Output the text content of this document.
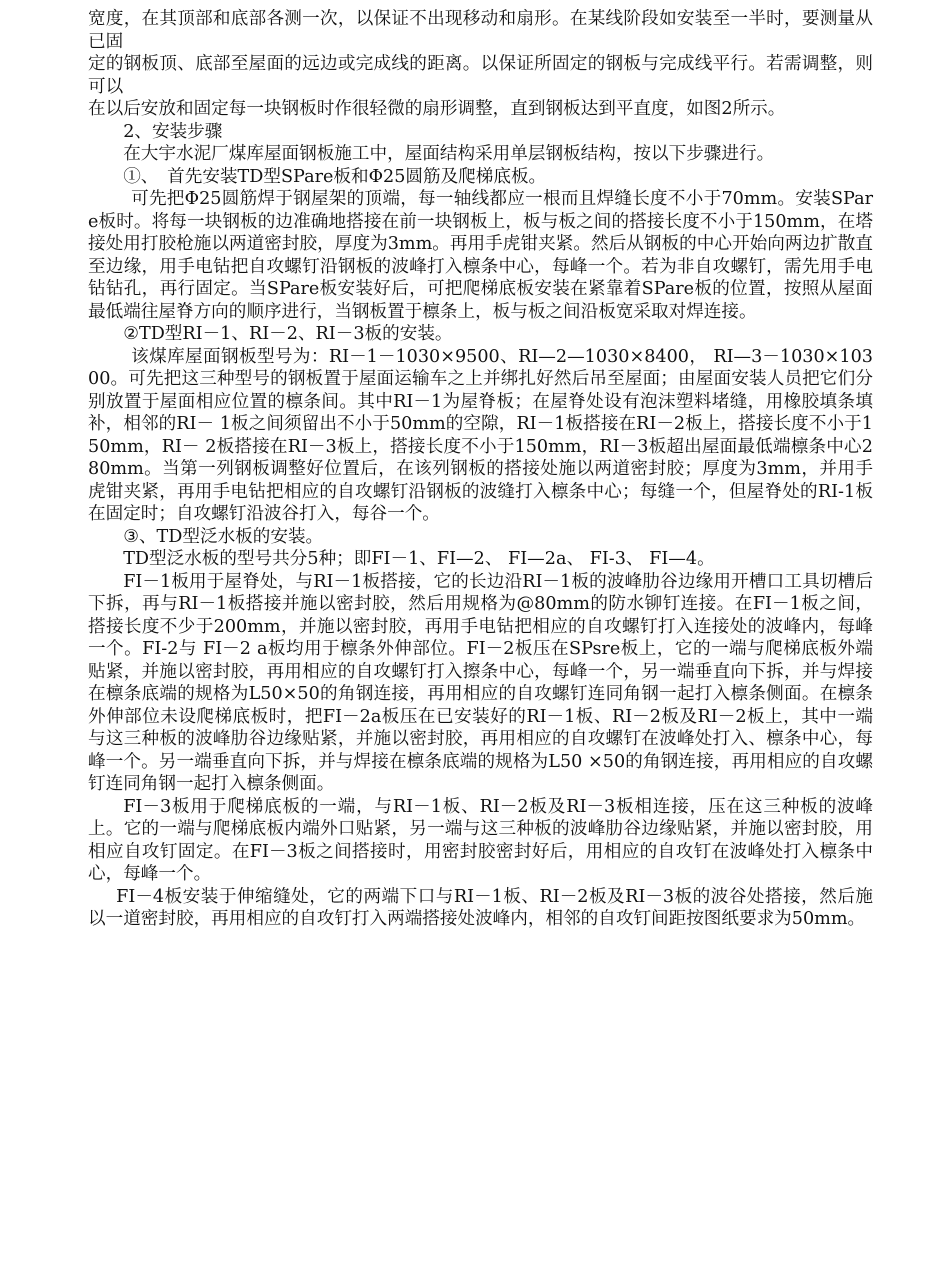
宽度，在其顶部和底部各测一次，以保证不出现移动和扇形。在某线阶段如安装至一半时，要测量从已固

定的钢板顶、底部至屋面的远边或完成线的距离。以保证所固定的钢板与完成线平行。若需调整，则可以

在以后安放和固定每一块钢板时作很轻微的扇形调整，直到钢板达到平直度，如图2所示。

2、安装步骤

在大宇水泥厂煤库屋面钢板施工中，屋面结构采用单层钢板结构，按以下步骤进行。

①、　首先安装TD型SPare板和Φ25圆筋及爬梯底板。

可先把Φ25圆筋焊于钢屋架的顶端，每一轴线都应一根而且焊缝长度不小于70mm。安装SPare板时。将每一块钢板的边准确地搭接在前一块钢板上，板与板之间的搭接长度不小于150mm，在塔接处用打胶枪施以两道密封胶，厚度为3mm。再用手虎钳夹紧。然后从钢板的中心开始向两边扩散直至边缘，用手电钻把自攻螺钉沿钢板的波峰打入檩条中心，每峰一个。若为非自攻螺钉，需先用手电钻钻孔，再行固定。当SPare板安装好后，可把爬梯底板安装在紧靠着SPare板的位置，按照从屋面最低端往屋脊方向的顺序进行，当钢板置于檩条上，板与板之间沿板宽采取对焊连接。

②TD型RI－1、RI－2、RI－3板的安装。

该煤库屋面钢板型号为：RI－1－1030×9500、RI—2—1030×8400， RI—3－1030×10300。可先把这三种型号的钢板置于屋面运输车之上并绑扎好然后吊至屋面；由屋面安装人员把它们分别放置于屋面相应位置的檩条间。其中RI－1为屋脊板；在屋脊处设有泡沫塑料堵缝，用橡胶填条填补，相邻的RI－ 1板之间须留出不小于50mm的空隙，RI－1板搭接在RI－2板上，搭接长度不小于150mm，RI－ 2板搭接在RI－3板上，搭接长度不小于150mm，RI－3板超出屋面最低端檩条中心280mm。当第一列钢板调整好位置后，在该列钢板的搭接处施以两道密封胶；厚度为3mm，并用手虎钳夹紧，再用手电钻把相应的自攻螺钉沿钢板的波缝打入檩条中心；每缝一个，但屋脊处的RI-1板在固定时；自攻螺钉沿波谷打入，每谷一个。

③、TD型泛水板的安装。

TD型泛水板的型号共分5种；即FI－1、FI—2、 FI—2a、 FI-3、 FI—4。

FI－1板用于屋脊处，与RI－1板搭接，它的长边沿RI－1板的波峰肋谷边缘用开槽口工具切槽后下拆，再与RI－1板搭接并施以密封胶，然后用规格为@80mm的防水铆钉连接。在FI－1板之间，搭接长度不少于200mm，并施以密封胶，再用手电钻把相应的自攻螺钉打入连接处的波峰内，每峰一个。FI-2与 FI－2 a板均用于檩条外伸部位。FI－2板压在SPsre板上，它的一端与爬梯底板外端贴紧，并施以密封胶，再用相应的自攻螺钉打入擦条中心，每峰一个，另一端垂直向下拆，并与焊接在檩条底端的规格为L50×50的角钢连接，再用相应的自攻螺钉连同角钢一起打入檩条侧面。在檩条外伸部位未设爬梯底板时，把FI－2a板压在已安装好的RI－1板、RI－2板及RI－2板上，其中一端与这三种板的波峰肋谷边缘贴紧，并施以密封胶，再用相应的自攻螺钉在波峰处打入、檩条中心，每峰一个。另一端垂直向下拆，并与焊接在檩条底端的规格为L50 ×50的角钢连接，再用相应的自攻螺钉连同角钢一起打入檩条侧面。

FI－3板用于爬梯底板的一端，与RI－1板、RI－2板及RI－3板相连接，压在这三种板的波峰上。它的一端与爬梯底板内端外口贴紧，另一端与这三种板的波峰肋谷边缘贴紧，并施以密封胶，用相应自攻钉固定。在FI－3板之间搭接时，用密封胶密封好后，用相应的自攻钉在波峰处打入檩条中心，每峰一个。

FI－4板安装于伸缩缝处，它的两端下口与RI－1板、RI－2板及RI－3板的波谷处搭接，然后施以一道密封胶，再用相应的自攻钉打入两端搭接处波峰内，相邻的自攻钉间距按图纸要求为50mm。
